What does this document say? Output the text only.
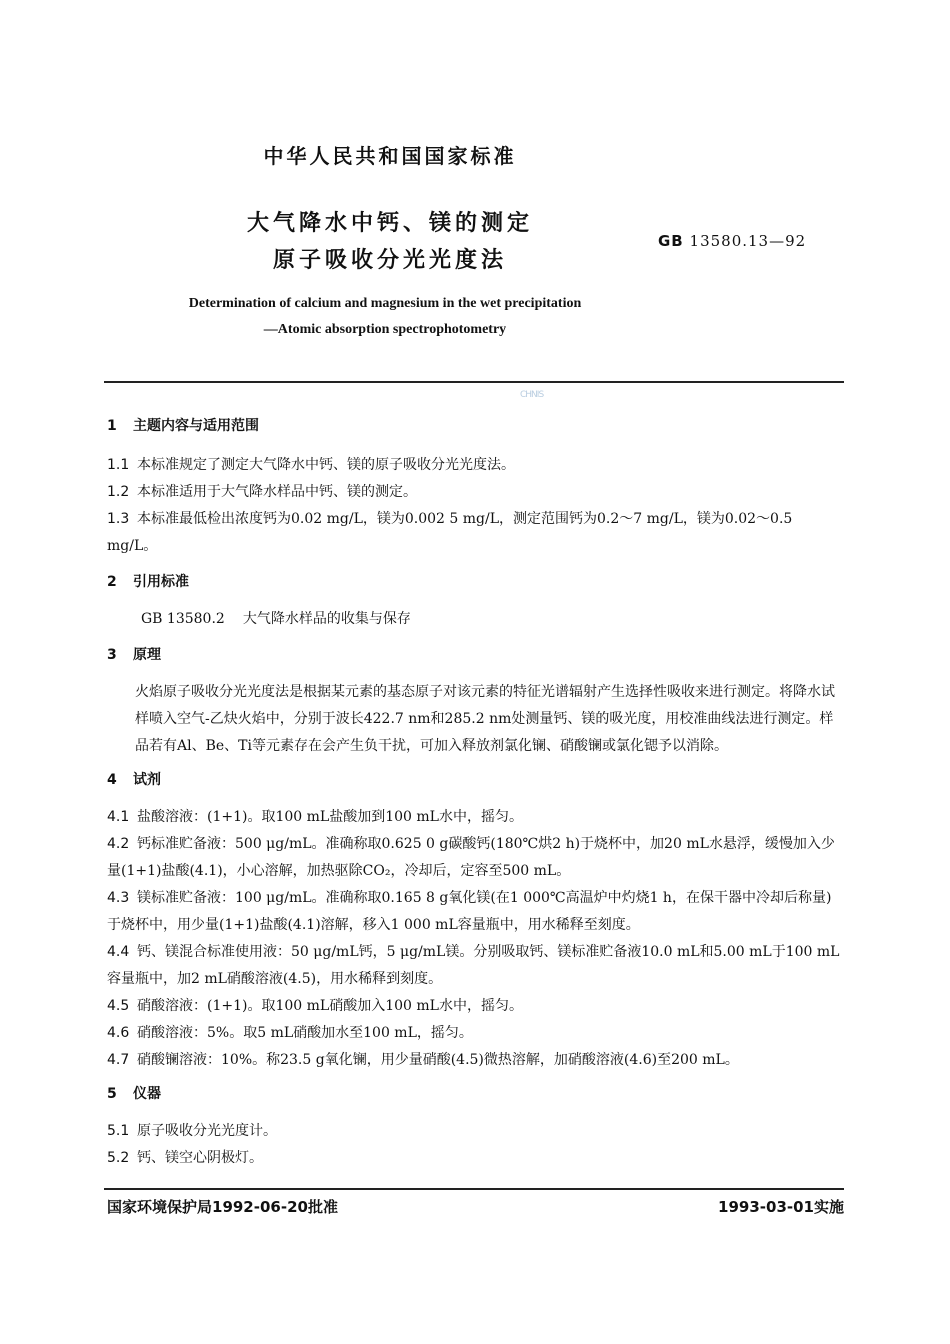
中华人民共和国国家标准
大气降水中钙、镁的测定
原子吸收分光光度法
GB 13580.13—92
Determination of calcium and magnesium in the wet precipitation
—Atomic absorption spectrophotometry
CHNIS

1 主题内容与适用范围

1.1 本标准规定了测定大气降水中钙、镁的原子吸收分光光度法。

1.2 本标准适用于大气降水样品中钙、镁的测定。

1.3 本标准最低检出浓度钙为0.02 mg/L，镁为0.002 5 mg/L，测定范围钙为0.2～7 mg/L，镁为0.02～0.5 mg/L。

2 引用标准

GB 13580.2 大气降水样品的收集与保存

3 原理

火焰原子吸收分光光度法是根据某元素的基态原子对该元素的特征光谱辐射产生选择性吸收来进行测定。将降水试样喷入空气-乙炔火焰中，分别于波长422.7 nm和285.2 nm处测量钙、镁的吸光度，用校准曲线法进行测定。样品若有Al、Be、Ti等元素存在会产生负干扰，可加入释放剂氯化镧、硝酸镧或氯化锶予以消除。

4 试剂

4.1 盐酸溶液：(1+1)。取100 mL盐酸加到100 mL水中，摇匀。

4.2 钙标准贮备液：500 μg/mL。准确称取0.625 0 g碳酸钙(180℃烘2 h)于烧杯中，加20 mL水悬浮，缓慢加入少量(1+1)盐酸(4.1)，小心溶解，加热驱除CO₂，冷却后，定容至500 mL。

4.3 镁标准贮备液：100 μg/mL。准确称取0.165 8 g氧化镁(在1 000℃高温炉中灼烧1 h，在保干器中冷却后称量)于烧杯中，用少量(1+1)盐酸(4.1)溶解，移入1 000 mL容量瓶中，用水稀释至刻度。

4.4 钙、镁混合标准使用液：50 μg/mL钙，5 μg/mL镁。分别吸取钙、镁标准贮备液10.0 mL和5.00 mL于100 mL容量瓶中，加2 mL硝酸溶液(4.5)，用水稀释到刻度。

4.5 硝酸溶液：(1+1)。取100 mL硝酸加入100 mL水中，摇匀。

4.6 硝酸溶液：5%。取5 mL硝酸加水至100 mL，摇匀。

4.7 硝酸镧溶液：10%。称23.5 g氧化镧，用少量硝酸(4.5)微热溶解，加硝酸溶液(4.6)至200 mL。

5 仪器

5.1 原子吸收分光光度计。

5.2 钙、镁空心阴极灯。

国家环境保护局1992-06-20批准	1993-03-01实施
